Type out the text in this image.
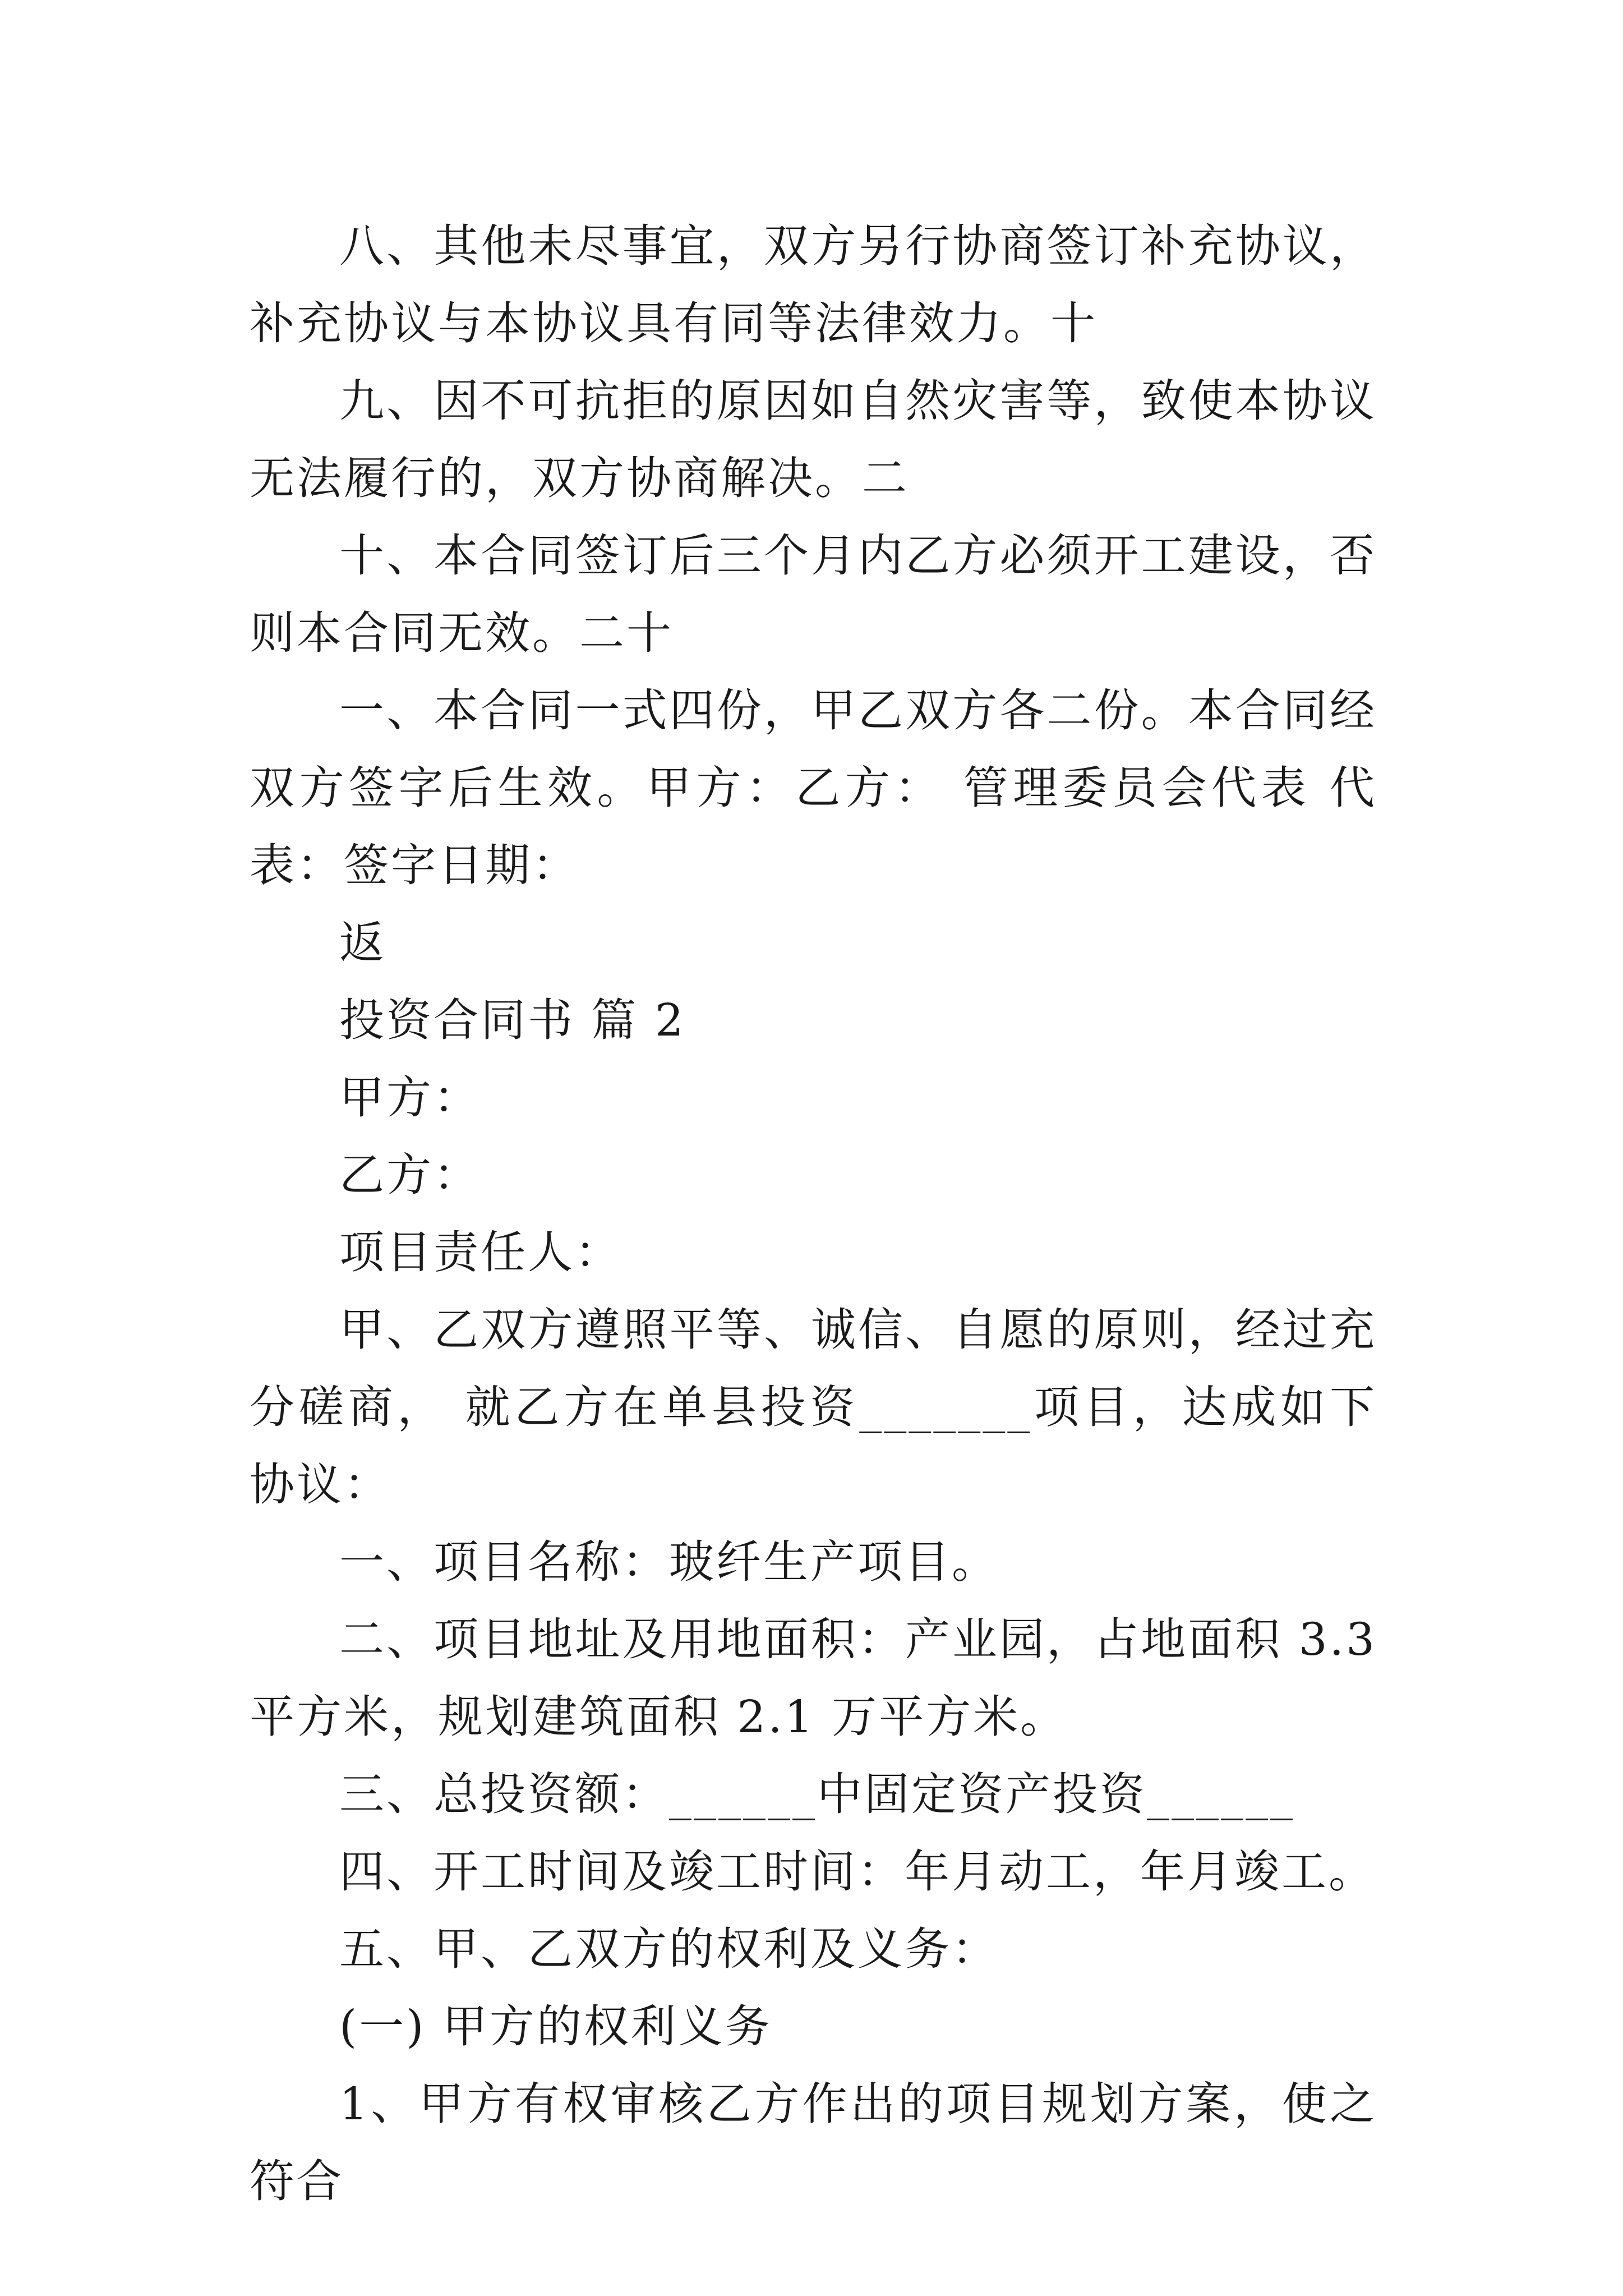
八、其他未尽事宜，双方另行协商签订补充协议，补充协议与本协议具有同等法律效力。十

九、因不可抗拒的原因如自然灾害等，致使本协议无法履行的，双方协商解决。二

十、本合同签订后三个月内乙方必须开工建设，否则本合同无效。二十

一、本合同一式四份，甲乙双方各二份。本合同经双方签字后生效。甲方：乙方： 管理委员会代表 代表：签字日期：

返

投资合同书 篇 2

甲方：

乙方：

项目责任人：

甲、乙双方遵照平等、诚信、自愿的原则，经过充分磋商， 就乙方在单县投资_______项目，达成如下协议：

一、项目名称：玻纤生产项目。

二、项目地址及用地面积：产业园，占地面积 3.3 平方米，规划建筑面积 2.1 万平方米。

三、总投资额：______中固定资产投资______

四、开工时间及竣工时间：年月动工，年月竣工。

五、甲、乙双方的权利及义务：

(一) 甲方的权利义务

1、甲方有权审核乙方作出的项目规划方案，使之符合
